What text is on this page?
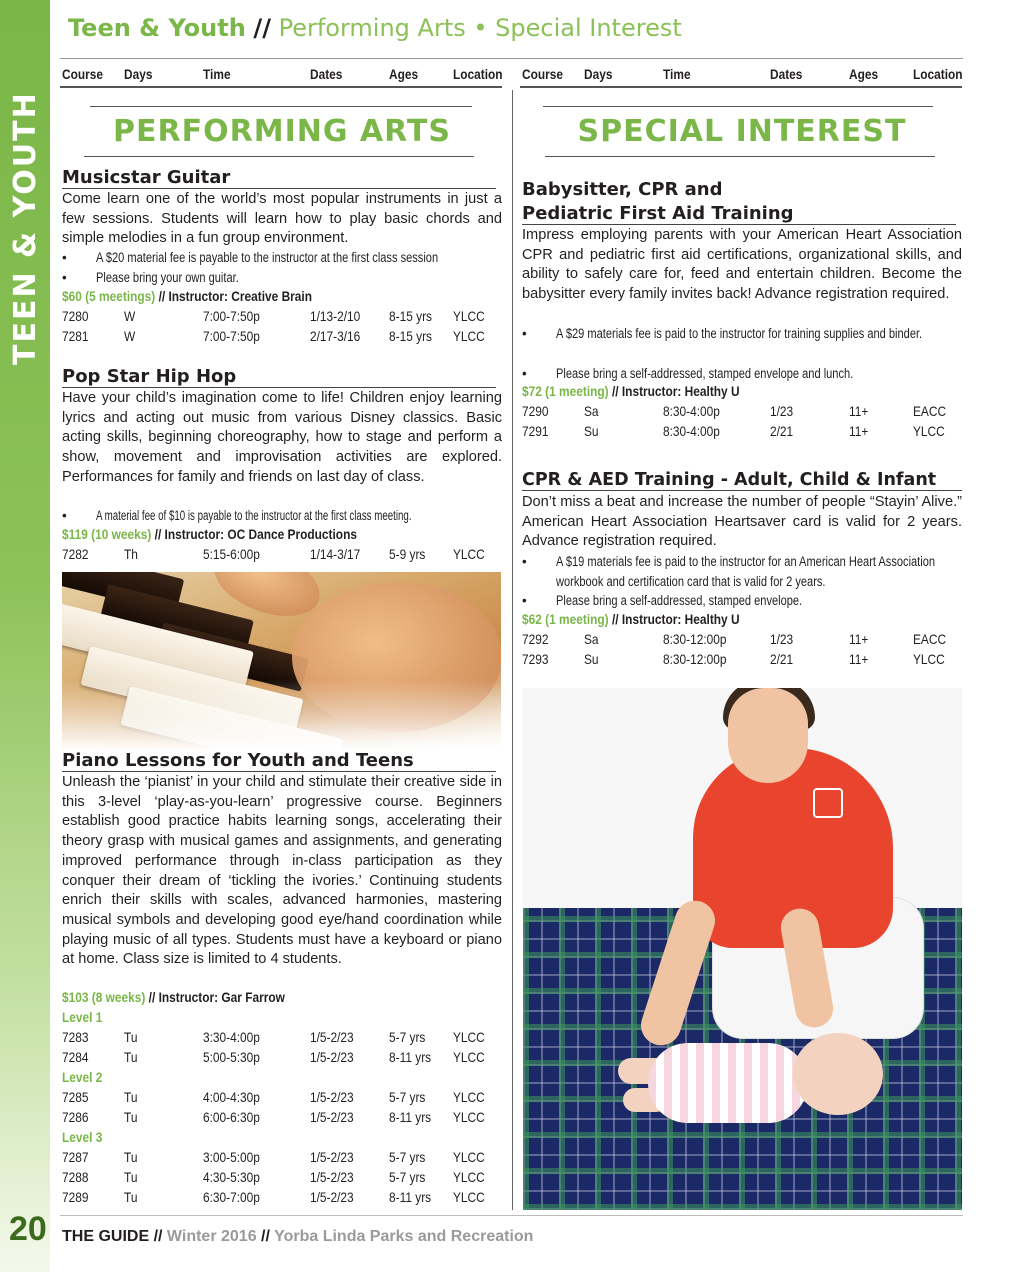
TEEN & YOUTH
20
Teen & Youth // Performing Arts • Special Interest
Course Days	Time	Dates	Ages Location Course Days	Time	Dates	Ages Location
PERFORMING ARTS
Musicstar Guitar

Come learn one of the world’s most popular instruments in just a few sessions. Students will learn how to play basic chords and simple melodies in a fun group environment.

• A $20 material fee is payable to the instructor at the first class session
• Please bring your own guitar.
$60 (5 meetings) // Instructor: Creative Brain
7280	W	7:00-7:50p	1/13-2/10 8-15 yrs YLCC
7281	W	7:00-7:50p	2/17-3/16 8-15 yrs YLCC
Pop Star Hip Hop

Have your child’s imagination come to life! Children enjoy learning lyrics and acting out music from various Disney classics. Basic acting skills, beginning choreography, how to stage and perform a show, movement and improvisation activities are explored. Performances for family and friends on last day of class.

• A material fee of $10 is payable to the instructor at the first class meeting.
$119 (10 weeks) // Instructor: OC Dance Productions
7282	Th	5:15-6:00p	1/14-3/17 5-9 yrs YLCC
Piano Lessons for Youth and Teens

Unleash the ‘pianist’ in your child and stimulate their creative side in this 3-level ‘play-as-you-learn’ progressive course. Beginners establish good practice habits learning songs, accelerating their theory grasp with musical games and assignments, and generating improved performance through in-class participation as they conquer their dream of ‘tickling the ivories.’ Continuing students enrich their skills with scales, advanced harmonies, mastering musical symbols and developing good eye/hand coordination while playing music of all types. Students must have a keyboard or piano at home. Class size is limited to 4 students.

$103 (8 weeks) // Instructor: Gar Farrow
Level 1
7283	Tu	3:30-4:00p	1/5-2/23	5-7 yrs YLCC
7284	Tu	5:00-5:30p	1/5-2/23	8-11 yrs YLCC
Level 2
7285	Tu	4:00-4:30p	1/5-2/23	5-7 yrs YLCC
7286	Tu	6:00-6:30p	1/5-2/23	8-11 yrs YLCC
Level 3
7287	Tu	3:00-5:00p	1/5-2/23	5-7 yrs YLCC
7288	Tu	4:30-5:30p	1/5-2/23	5-7 yrs YLCC
7289	Tu	6:30-7:00p	1/5-2/23	8-11 yrs YLCC
SPECIAL INTEREST
Babysitter, CPR and
Pediatric First Aid Training

Impress employing parents with your American Heart Association CPR and pediatric first aid certifications, organizational skills, and ability to safely care for, feed and entertain children. Become the babysitter every family invites back! Advance registration required.

• A $29 materials fee is paid to the instructor for training supplies and binder.
• Please bring a self-addressed, stamped envelope and lunch.
$72 (1 meeting) // Instructor: Healthy U
7290	Sa	8:30-4:00p	1/23	11+	EACC
7291	Su	8:30-4:00p	2/21	11+	YLCC
CPR & AED Training - Adult, Child & Infant

Don’t miss a beat and increase the number of people “Stayin’ Alive.” American Heart Association Heartsaver card is valid for 2 years. Advance registration required.

• A $19 materials fee is paid to the instructor for an American Heart Association workbook and certification card that is valid for 2 years.
• Please bring a self-addressed, stamped envelope.
$62 (1 meeting) // Instructor: Healthy U
7292	Sa	8:30-12:00p	1/23	11+	EACC
7293	Su	8:30-12:00p	2/21	11+	YLCC
THE GUIDE // Winter 2016 // Yorba Linda Parks and Recreation
